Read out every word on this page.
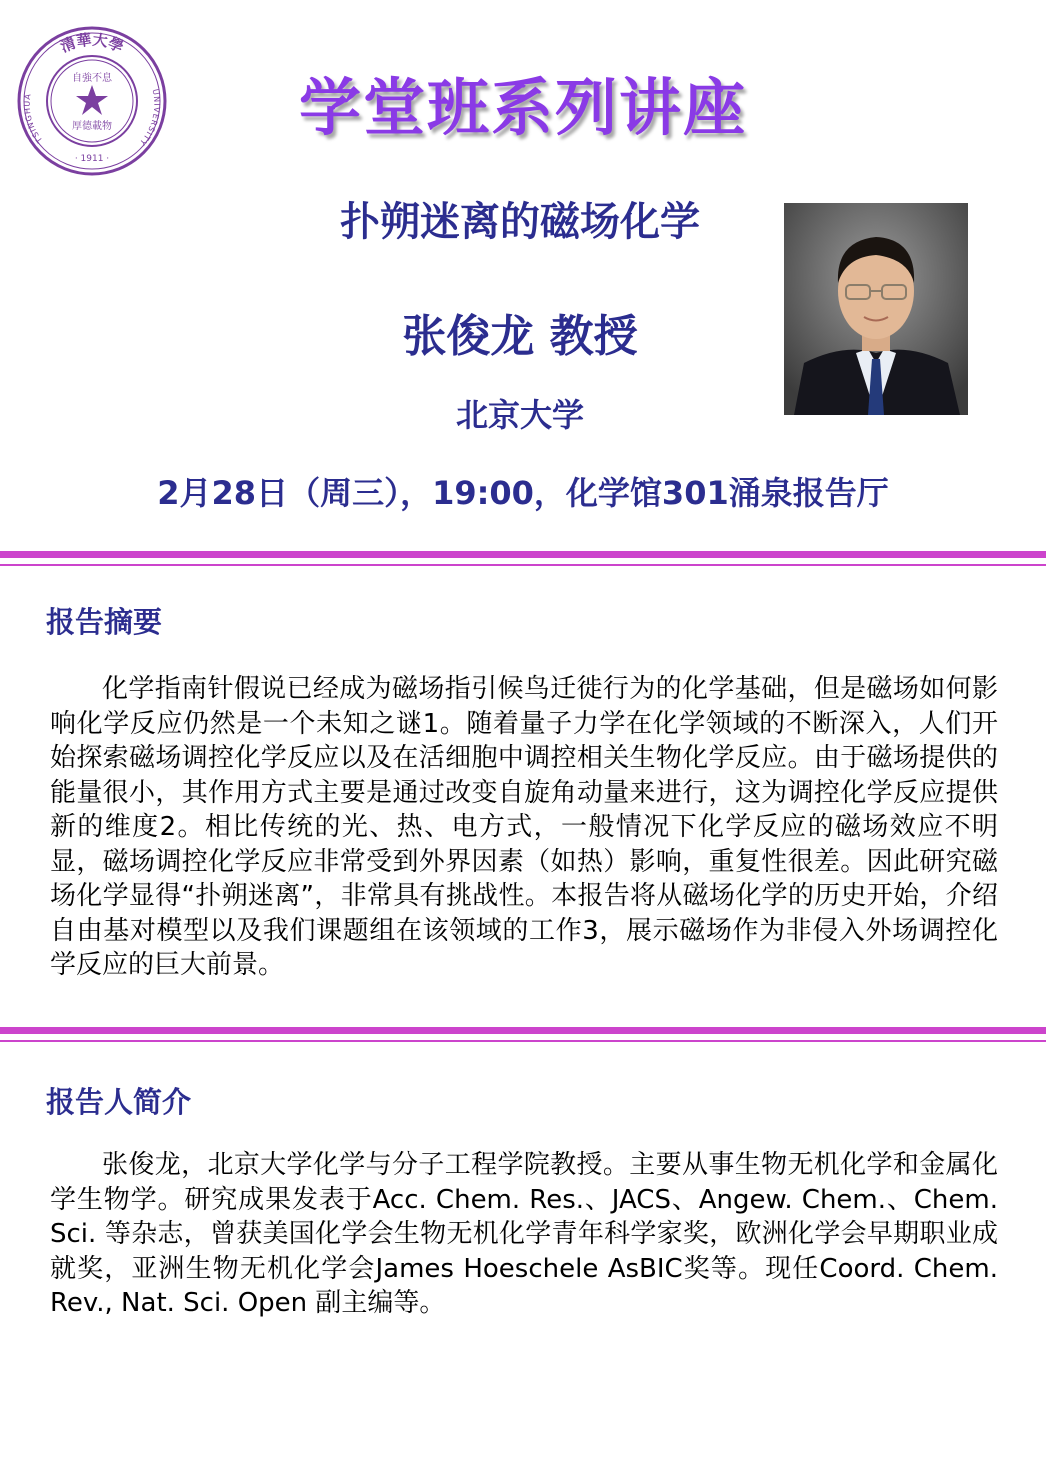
清華大學
TSINGHUA	UNIVERSITY
自強不息
厚德載物
· 1911 ·
学堂班系列讲座
扑朔迷离的磁场化学
张俊龙 教授
北京大学
2月28日（周三），19:00，化学馆301涌泉报告厅
报告摘要
化学指南针假说已经成为磁场指引候鸟迁徙行为的化学基础，但是磁场如何影响化学反应仍然是一个未知之谜1。随着量子力学在化学领域的不断深入，人们开始探索磁场调控化学反应以及在活细胞中调控相关生物化学反应。由于磁场提供的能量很小，其作用方式主要是通过改变自旋角动量来进行，这为调控化学反应提供新的维度2。相比传统的光、热、电方式，一般情况下化学反应的磁场效应不明显，磁场调控化学反应非常受到外界因素（如热）影响，重复性很差。因此研究磁场化学显得“扑朔迷离”，非常具有挑战性。本报告将从磁场化学的历史开始，介绍自由基对模型以及我们课题组在该领域的工作3，展示磁场作为非侵入外场调控化学反应的巨大前景。
报告人简介
张俊龙，北京大学化学与分子工程学院教授。主要从事生物无机化学和金属化学生物学。研究成果发表于Acc. Chem. Res.、JACS、Angew. Chem.、Chem. Sci. 等杂志，曾获美国化学会生物无机化学青年科学家奖，欧洲化学会早期职业成就奖，亚洲生物无机化学会James Hoeschele AsBIC奖等。现任Coord. Chem. Rev., Nat. Sci. Open 副主编等。
